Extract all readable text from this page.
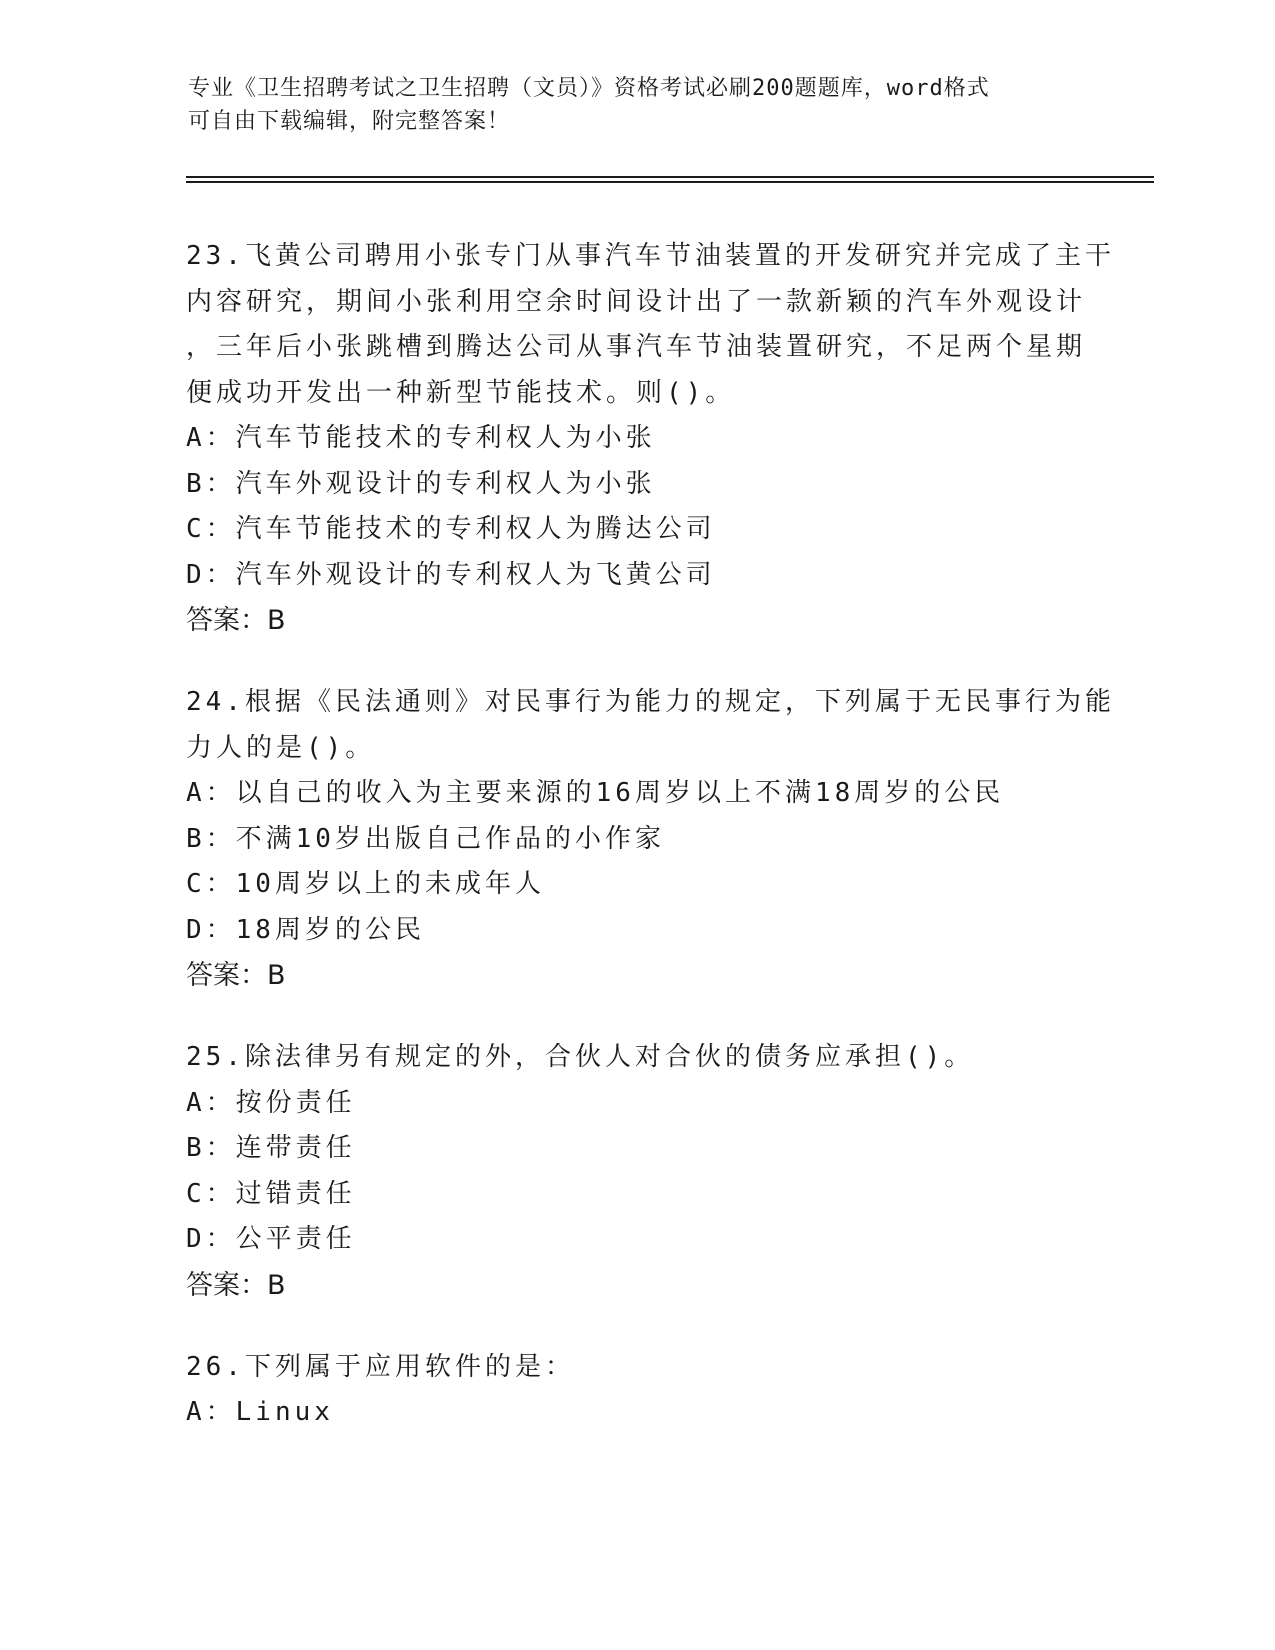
专业《卫生招聘考试之卫生招聘（文员）》资格考试必刷200题题库，word格式
可自由下载编辑，附完整答案！
23.飞黄公司聘用小张专门从事汽车节油装置的开发研究并完成了主干
内容研究，期间小张利用空余时间设计出了一款新颖的汽车外观设计
，三年后小张跳槽到腾达公司从事汽车节油装置研究，不足两个星期
便成功开发出一种新型节能技术。则()。
A：汽车节能技术的专利权人为小张
B：汽车外观设计的专利权人为小张
C：汽车节能技术的专利权人为腾达公司
D：汽车外观设计的专利权人为飞黄公司
答案：B
24.根据《民法通则》对民事行为能力的规定，下列属于无民事行为能
力人的是()。
A：以自己的收入为主要来源的16周岁以上不满18周岁的公民
B：不满10岁出版自己作品的小作家
C：10周岁以上的未成年人
D：18周岁的公民
答案：B
25.除法律另有规定的外，合伙人对合伙的债务应承担()。
A：按份责任
B：连带责任
C：过错责任
D：公平责任
答案：B
26.下列属于应用软件的是：
A：Linux
